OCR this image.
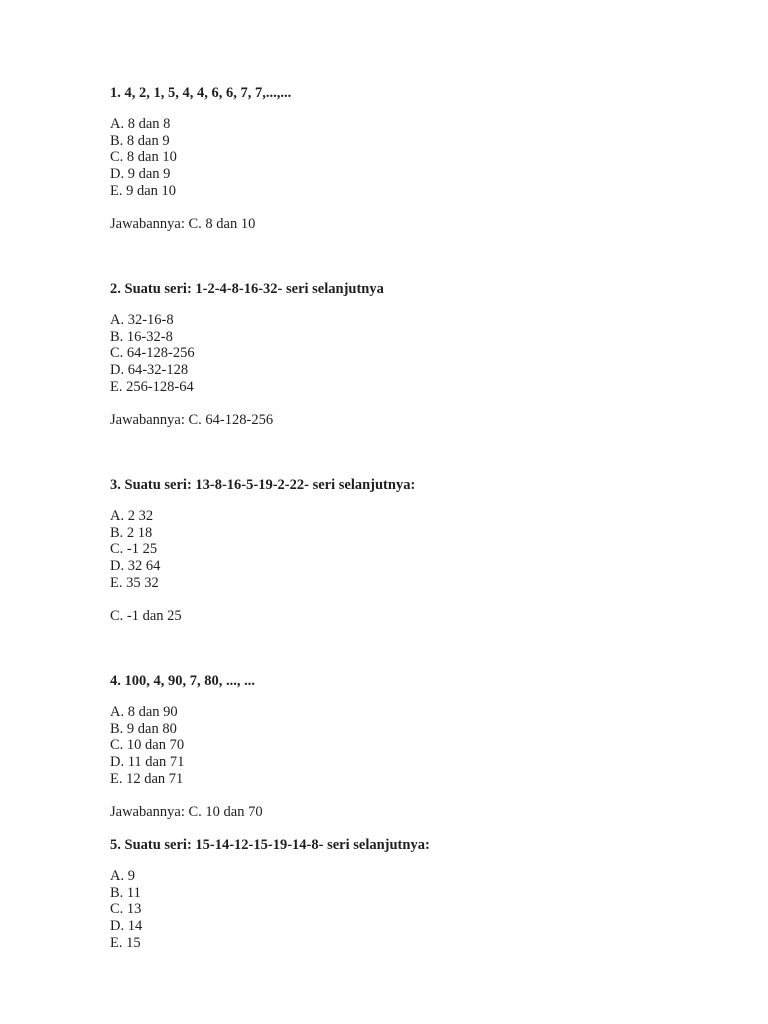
1. 4, 2, 1, 5, 4, 4, 6, 6, 7, 7,...,...

A. 8 dan 8
B. 8 dan 9
C. 8 dan 10
D. 9 dan 9
E. 9 dan 10

Jawabannya: C. 8 dan 10

2. Suatu seri: 1-2-4-8-16-32- seri selanjutnya

A. 32-16-8
B. 16-32-8
C. 64-128-256
D. 64-32-128
E. 256-128-64

Jawabannya: C. 64-128-256

3. Suatu seri: 13-8-16-5-19-2-22- seri selanjutnya:

A. 2 32
B. 2 18
C. -1 25
D. 32 64
E. 35 32

C. -1 dan 25

4. 100, 4, 90, 7, 80, ..., ...

A. 8 dan 90
B. 9 dan 80
C. 10 dan 70
D. 11 dan 71
E. 12 dan 71

Jawabannya: C. 10 dan 70

5. Suatu seri: 15-14-12-15-19-14-8- seri selanjutnya:

A. 9
B. 11
C. 13
D. 14
E. 15
